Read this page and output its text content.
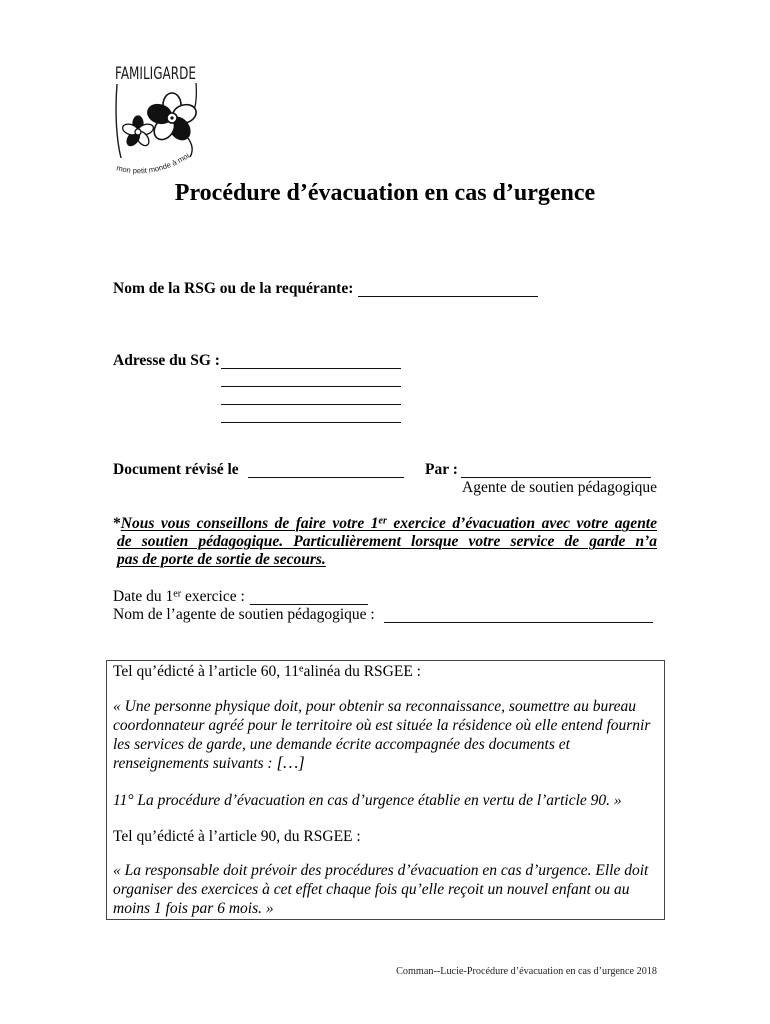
FAMILIGARDE
mon petit monde à moi
Procédure d’évacuation en cas d’urgence
Nom de la RSG ou de la requérante:
Adresse du SG :
Document révisé le	Par :
Agente de soutien pédagogique
*Nous vous conseillons de faire votre 1er exercice d’évacuation avec votre agente
de soutien pédagogique. Particulièrement lorsque votre service de garde n’a
pas de porte de sortie de secours.
Date du 1er exercice :
Nom de l’agente de soutien pédagogique :
Tel qu’édicté à l’article 60, 11ealinéa du RSGEE :
« Une personne physique doit, pour obtenir sa reconnaissance, soumettre au bureau
coordonnateur agréé pour le territoire où est située la résidence où elle entend fournir
les services de garde, une demande écrite accompagnée des documents et
renseignements suivants : […]
11° La procédure d’évacuation en cas d’urgence établie en vertu de l’article 90. »
Tel qu’édicté à l’article 90, du RSGEE :
« La responsable doit prévoir des procédures d’évacuation en cas d’urgence. Elle doit
organiser des exercices à cet effet chaque fois qu’elle reçoit un nouvel enfant ou au
moins 1 fois par 6 mois. »
Comman--Lucie-Procédure d’évacuation en cas d’urgence 2018
